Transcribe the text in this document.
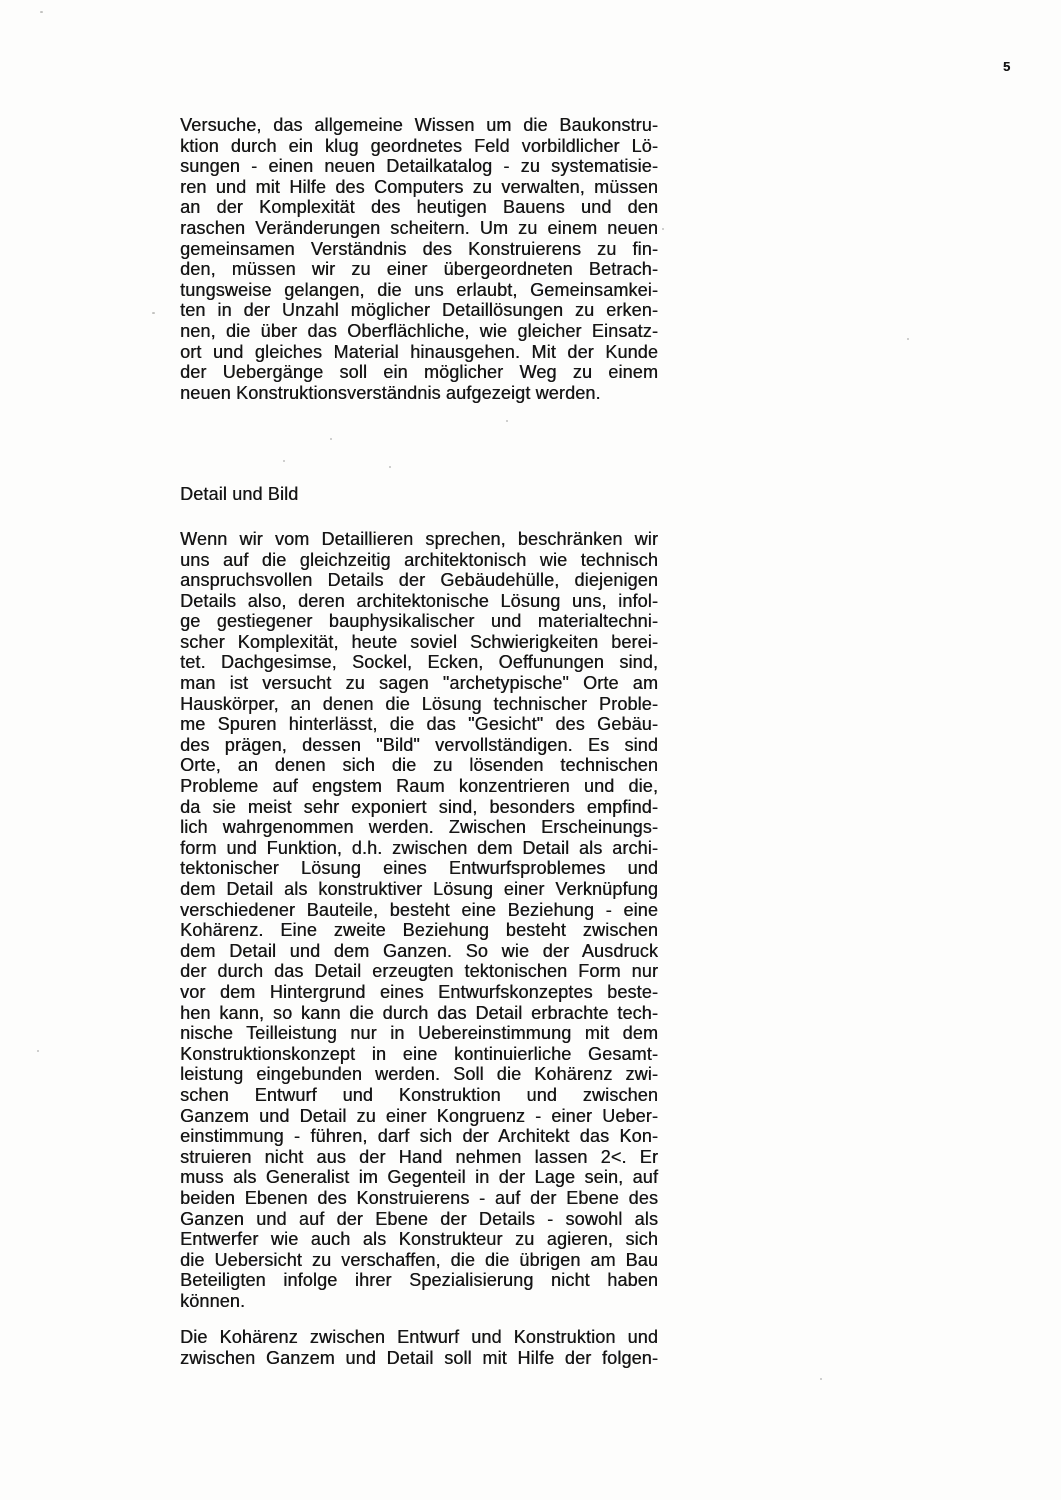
5
Versuche, das allgemeine Wissen um die Baukonstru-
ktion durch ein klug geordnetes Feld vorbildlicher Lö-
sungen - einen neuen Detailkatalog - zu systematisie-
ren und mit Hilfe des Computers zu verwalten, müssen
an der Komplexität des heutigen Bauens und den
raschen Veränderungen scheitern. Um zu einem neuen
gemeinsamen Verständnis des Konstruierens zu fin-
den, müssen wir zu einer übergeordneten Betrach-
tungsweise gelangen, die uns erlaubt, Gemeinsamkei-
ten in der Unzahl möglicher Detaillösungen zu erken-
nen, die über das Oberflächliche, wie gleicher Einsatz-
ort und gleiches Material hinausgehen. Mit der Kunde
der Uebergänge soll ein möglicher Weg zu einem
neuen Konstruktionsverständnis aufgezeigt werden.
Detail und Bild
Wenn wir vom Detaillieren sprechen, beschränken wir
uns auf die gleichzeitig architektonisch wie technisch
anspruchsvollen Details der Gebäudehülle, diejenigen
Details also, deren architektonische Lösung uns, infol-
ge gestiegener bauphysikalischer und materialtechni-
scher Komplexität, heute soviel Schwierigkeiten berei-
tet. Dachgesimse, Sockel, Ecken, Oeffunungen sind,
man ist versucht zu sagen "archetypische" Orte am
Hauskörper, an denen die Lösung technischer Proble-
me Spuren hinterlässt, die das "Gesicht" des Gebäu-
des prägen, dessen "Bild" vervollständigen. Es sind
Orte, an denen sich die zu lösenden technischen
Probleme auf engstem Raum konzentrieren und die,
da sie meist sehr exponiert sind, besonders empfind-
lich wahrgenommen werden. Zwischen Erscheinungs-
form und Funktion, d.h. zwischen dem Detail als archi-
tektonischer Lösung eines Entwurfsproblemes und
dem Detail als konstruktiver Lösung einer Verknüpfung
verschiedener Bauteile, besteht eine Beziehung - eine
Kohärenz. Eine zweite Beziehung besteht zwischen
dem Detail und dem Ganzen. So wie der Ausdruck
der durch das Detail erzeugten tektonischen Form nur
vor dem Hintergrund eines Entwurfskonzeptes beste-
hen kann, so kann die durch das Detail erbrachte tech-
nische Teilleistung nur in Uebereinstimmung mit dem
Konstruktionskonzept in eine kontinuierliche Gesamt-
leistung eingebunden werden. Soll die Kohärenz zwi-
schen Entwurf und Konstruktion und zwischen
Ganzem und Detail zu einer Kongruenz - einer Ueber-
einstimmung - führen, darf sich der Architekt das Kon-
struieren nicht aus der Hand nehmen lassen 2<. Er
muss als Generalist im Gegenteil in der Lage sein, auf
beiden Ebenen des Konstruierens - auf der Ebene des
Ganzen und auf der Ebene der Details - sowohl als
Entwerfer wie auch als Konstrukteur zu agieren, sich
die Uebersicht zu verschaffen, die die übrigen am Bau
Beteiligten infolge ihrer Spezialisierung nicht haben
können.
Die Kohärenz zwischen Entwurf und Konstruktion und
zwischen Ganzem und Detail soll mit Hilfe der folgen-
